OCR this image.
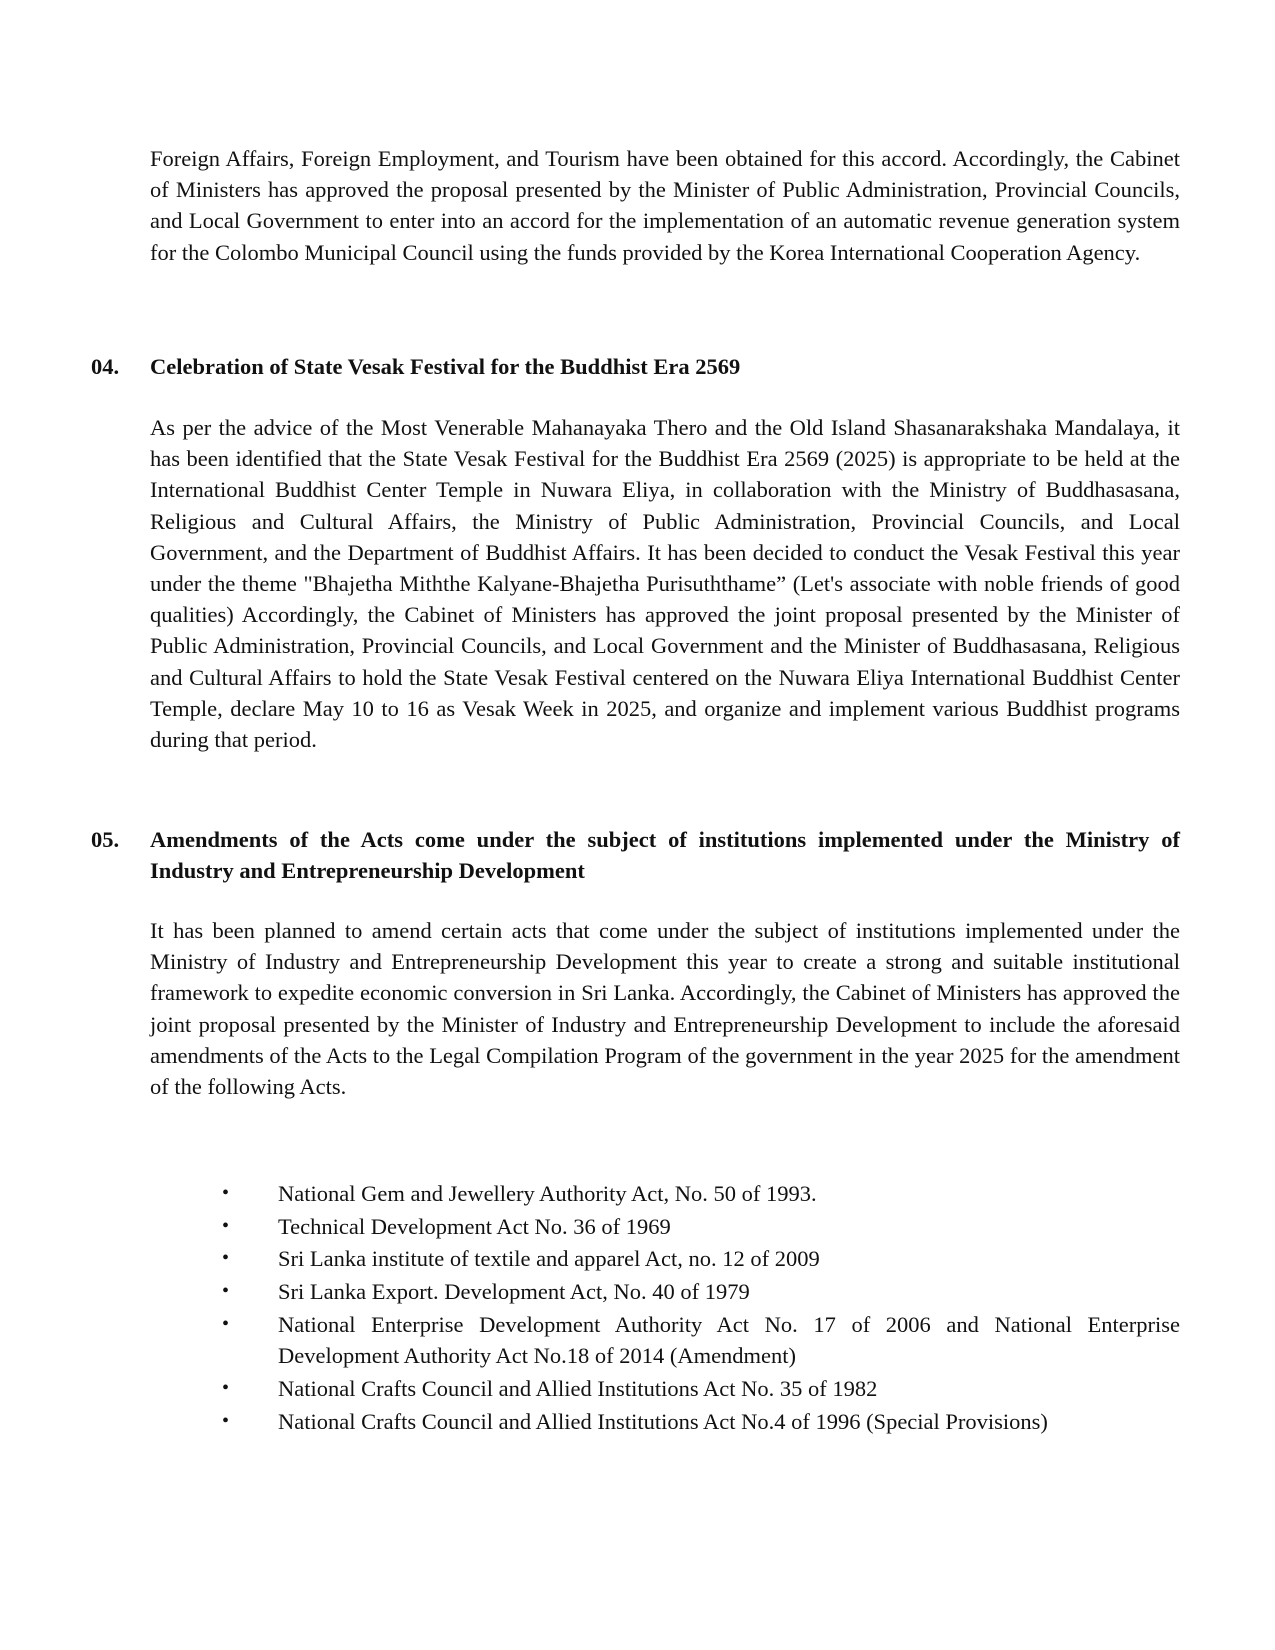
Foreign Affairs, Foreign Employment, and Tourism have been obtained for this accord. Accordingly, the Cabinet of Ministers has approved the proposal presented by the Minister of Public Administration, Provincial Councils, and Local Government to enter into an accord for the implementation of an automatic revenue generation system for the Colombo Municipal Council using the funds provided by the Korea International Cooperation Agency.

04. Celebration of State Vesak Festival for the Buddhist Era 2569

As per the advice of the Most Venerable Mahanayaka Thero and the Old Island Shasanarakshaka Mandalaya, it has been identified that the State Vesak Festival for the Buddhist Era 2569 (2025) is appropriate to be held at the International Buddhist Center Temple in Nuwara Eliya, in collaboration with the Ministry of Buddhasasana, Religious and Cultural Affairs, the Ministry of Public Administration, Provincial Councils, and Local Government, and the Department of Buddhist Affairs. It has been decided to conduct the Vesak Festival this year under the theme "Bhajetha Miththe Kalyane-Bhajetha Purisuththame” (Let's associate with noble friends of good qualities) Accordingly, the Cabinet of Ministers has approved the joint proposal presented by the Minister of Public Administration, Provincial Councils, and Local Government and the Minister of Buddhasasana, Religious and Cultural Affairs to hold the State Vesak Festival centered on the Nuwara Eliya International Buddhist Center Temple, declare May 10 to 16 as Vesak Week in 2025, and organize and implement various Buddhist programs during that period.

05. Amendments of the Acts come under the subject of institutions implemented under the Ministry of Industry and Entrepreneurship Development

It has been planned to amend certain acts that come under the subject of institutions implemented under the Ministry of Industry and Entrepreneurship Development this year to create a strong and suitable institutional framework to expedite economic conversion in Sri Lanka. Accordingly, the Cabinet of Ministers has approved the joint proposal presented by the Minister of Industry and Entrepreneurship Development to include the aforesaid amendments of the Acts to the Legal Compilation Program of the government in the year 2025 for the amendment of the following Acts.

• National Gem and Jewellery Authority Act, No. 50 of 1993.
• Technical Development Act No. 36 of 1969
• Sri Lanka institute of textile and apparel Act, no. 12 of 2009
• Sri Lanka Export. Development Act, No. 40 of 1979
• National Enterprise Development Authority Act No. 17 of 2006 and National Enterprise Development Authority Act No.18 of 2014 (Amendment)
• National Crafts Council and Allied Institutions Act No. 35 of 1982
• National Crafts Council and Allied Institutions Act No.4 of 1996 (Special Provisions)
